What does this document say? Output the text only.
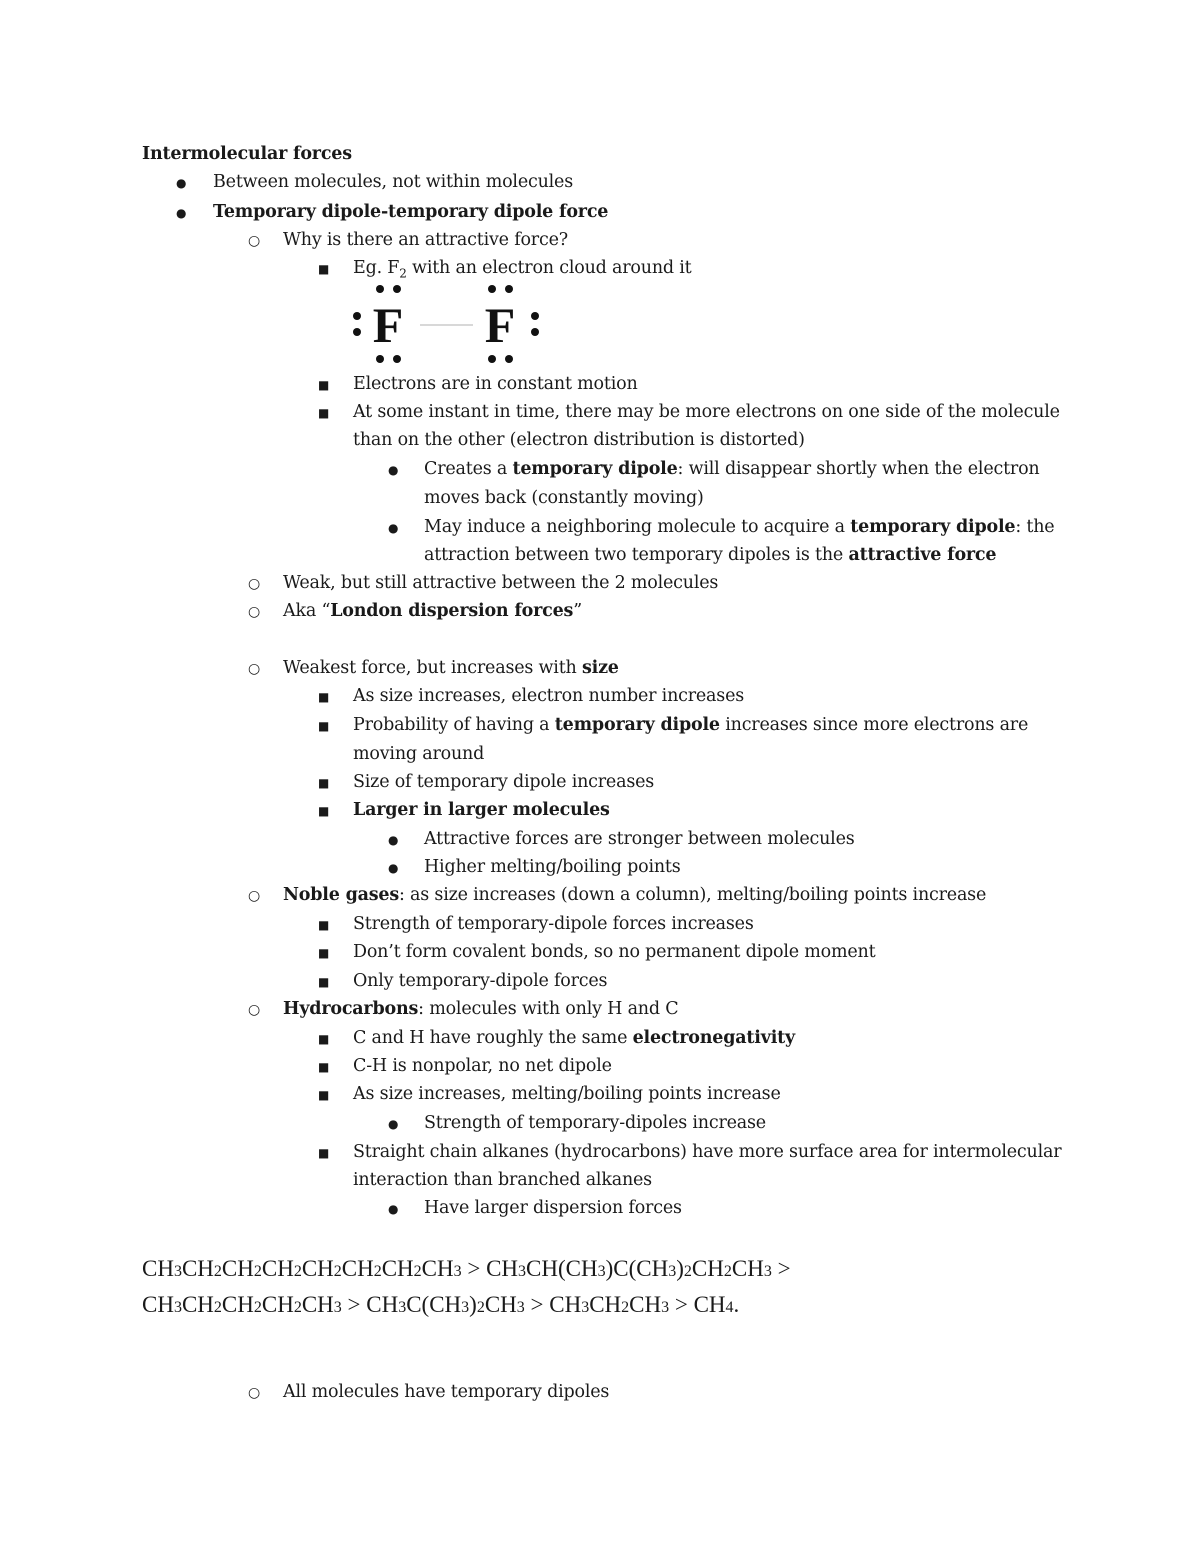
Intermolecular forces
●
Between molecules, not within molecules
●
Temporary dipole-temporary dipole force
○
Why is there an attractive force?
■
Eg. $F_2$ with an electron cloud around it
F F
■
Electrons are in constant motion
■
At some instant in time, there may be more electrons on one side of the molecule
than on the other (electron distribution is distorted)
●
Creates a temporary dipole: will disappear shortly when the electron
moves back (constantly moving)
●
May induce a neighboring molecule to acquire a temporary dipole: the
attraction between two temporary dipoles is the attractive force
○
Weak, but still attractive between the 2 molecules
○
Aka “London dispersion forces”
○
Weakest force, but increases with size
■
As size increases, electron number increases
■
Probability of having a temporary dipole increases since more electrons are
moving around
■
Size of temporary dipole increases
■
Larger in larger molecules
●
Attractive forces are stronger between molecules
●
Higher melting/boiling points
○
Noble gases: as size increases (down a column), melting/boiling points increase
■
Strength of temporary-dipole forces increases
■
Don’t form covalent bonds, so no permanent dipole moment
■
Only temporary-dipole forces
○
Hydrocarbons: molecules with only H and C
■
C and H have roughly the same electronegativity
■
C-H is nonpolar, no net dipole
■
As size increases, melting/boiling points increase
●
Strength of temporary-dipoles increase
■
Straight chain alkanes (hydrocarbons) have more surface area for intermolecular
interaction than branched alkanes
●
Have larger dispersion forces
CH3CH2CH2CH2CH2CH2CH2CH3 > CH3CH(CH3)C(CH3)2CH2CH3 >
CH3CH2CH2CH2CH3 > CH3C(CH3)2CH3 > CH3CH2CH3 > CH4.
○
All molecules have temporary dipoles
